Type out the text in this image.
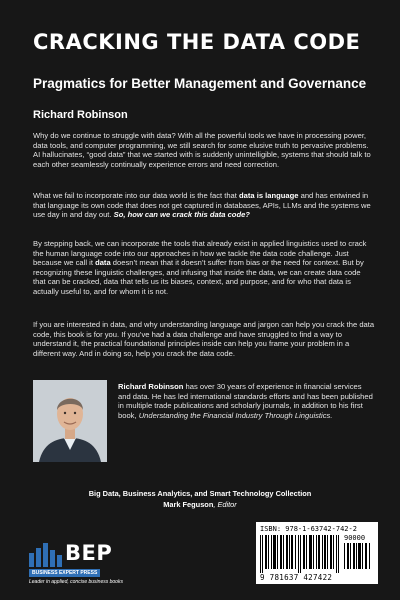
CRACKING THE DATA CODE
Pragmatics for Better Management and Governance
Richard Robinson

Why do we continue to struggle with data? With all the powerful tools we have in processing power, data tools, and computer programming, we still search for some elusive truth to pervasive problems. AI hallucinates, “good data” that we started with is suddenly unintelligible, systems that should talk to each other seamlessly continually experience errors and need correction.

What we fail to incorporate into our data world is the fact that data is language and has entwined in that language its own code that does not get captured in databases, APIs, LLMs and the systems we use day in and day out. So, how can we crack this data code?

By stepping back, we can incorporate the tools that already exist in applied linguistics used to crack the human language code into our approaches in how we tackle the data code challenge. Just because we call it data doesn’t mean that it doesn’t suffer from bias or the need for context. But by recognizing these linguistic challenges, and infusing that inside the data, we can create data code that can be cracked, data that tells us its biases, context, and purpose, and for who that data is actually useful to, and for whom it is not.

If you are interested in data, and why understanding language and jargon can help you crack the data code, this book is for you. If you’ve had a data challenge and have struggled to find a way to understand it, the practical foundational principles inside can help you frame your problem in a different way. And in doing so, help you crack the data code.

Richard Robinson has over 30 years of experience in financial services and data. He has led international standards efforts and has been published in multiple trade publications and scholarly journals, in addition to his first book, Understanding the Financial Industry Through Linguistics.

Big Data, Business Analytics, and Smart Technology Collection
Mark Feguson, Editor
BEP
BUSINESS EXPERT PRESS
Leader in applied, concise business books
ISBN: 978-1-63742-742-2
90000
9 781637 427422
